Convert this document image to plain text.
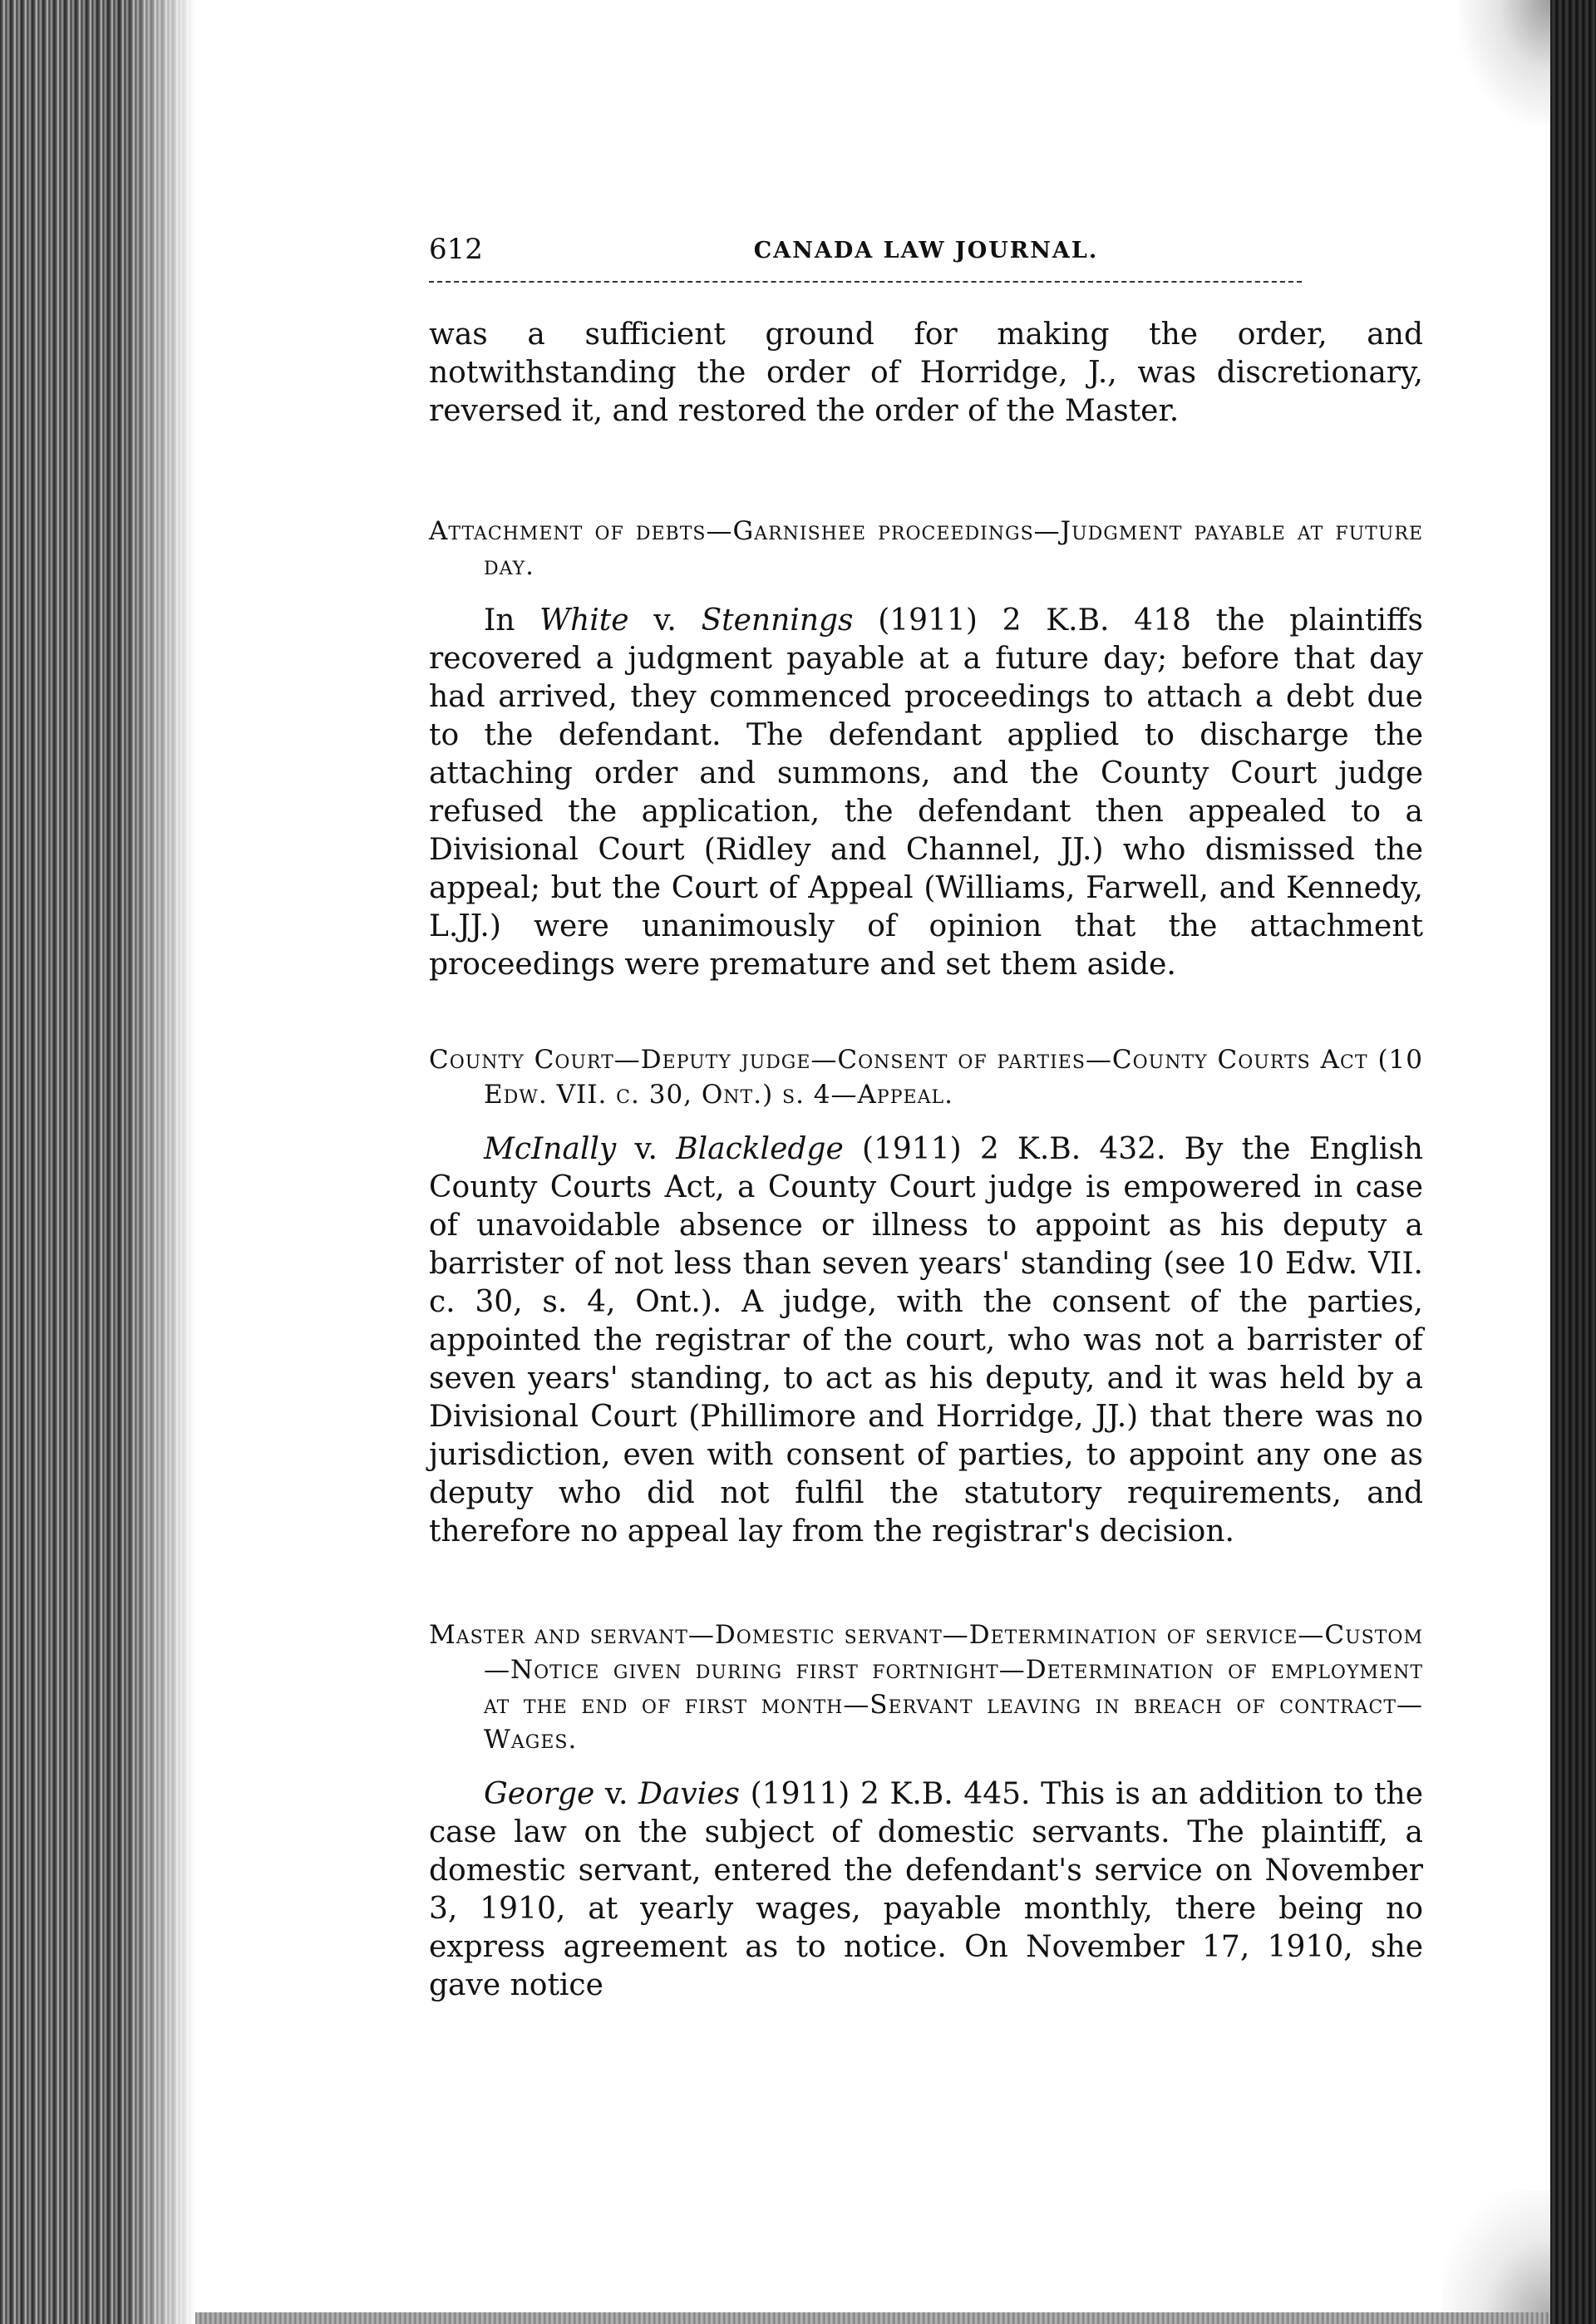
612	CANADA LAW JOURNAL.

was a sufficient ground for making the order, and notwithstanding the order of Horridge, J., was discretionary, reversed it, and restored the order of the Master.

Attachment of debts—Garnishee proceedings—Judgment payable at future day.

In White v. Stennings (1911) 2 K.B. 418 the plaintiffs recovered a judgment payable at a future day; before that day had arrived, they commenced proceedings to attach a debt due to the defendant. The defendant applied to discharge the attaching order and summons, and the County Court judge refused the application, the defendant then appealed to a Divisional Court (Ridley and Channel, JJ.) who dismissed the appeal; but the Court of Appeal (Williams, Farwell, and Kennedy, L.JJ.) were unanimously of opinion that the attachment proceedings were premature and set them aside.

County Court—Deputy judge—Consent of parties—County Courts Act (10 Edw. VII. c. 30, Ont.) s. 4—Appeal.

McInally v. Blackledge (1911) 2 K.B. 432. By the English County Courts Act, a County Court judge is empowered in case of unavoidable absence or illness to appoint as his deputy a barrister of not less than seven years' standing (see 10 Edw. VII. c. 30, s. 4, Ont.). A judge, with the consent of the parties, appointed the registrar of the court, who was not a barrister of seven years' standing, to act as his deputy, and it was held by a Divisional Court (Phillimore and Horridge, JJ.) that there was no jurisdiction, even with consent of parties, to appoint any one as deputy who did not fulfil the statutory requirements, and therefore no appeal lay from the registrar's decision.

Master and servant—Domestic servant—Determination of service—Custom—Notice given during first fortnight—Determination of employment at the end of first month—Servant leaving in breach of contract—Wages.

George v. Davies (1911) 2 K.B. 445. This is an addition to the case law on the subject of domestic servants. The plaintiff, a domestic servant, entered the defendant's service on November 3, 1910, at yearly wages, payable monthly, there being no express agreement as to notice. On November 17, 1910, she gave notice
